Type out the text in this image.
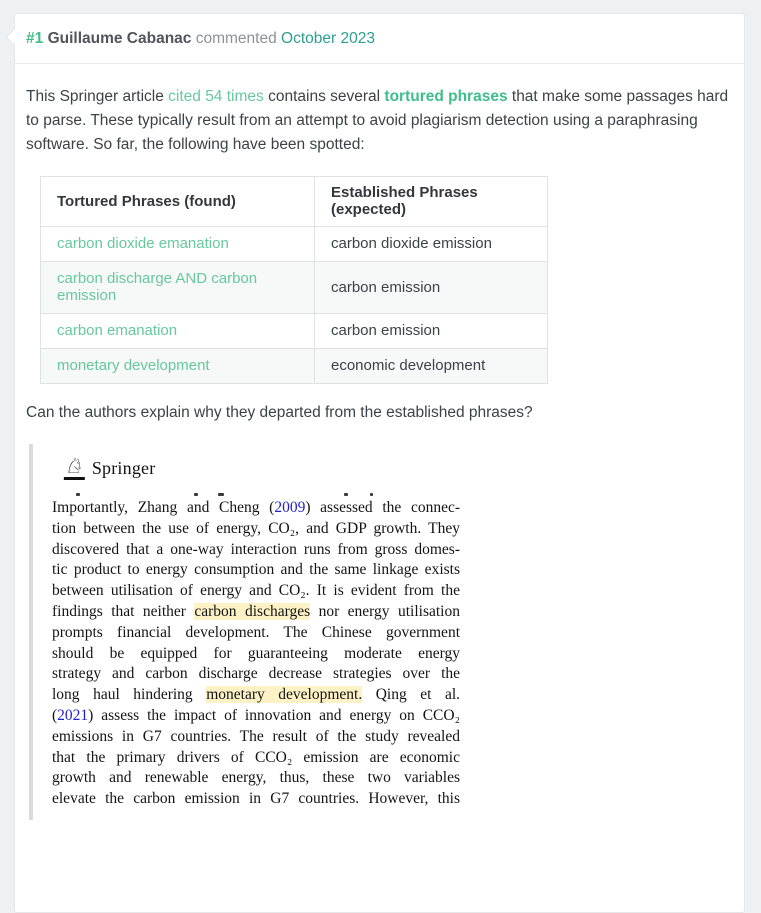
#1 Guillaume Cabanac commented October 2023

This Springer article cited 54 times contains several tortured phrases that make some passages hard to parse. These typically result from an attempt to avoid plagiarism detection using a paraphrasing software. So far, the following have been spotted:

Tortured Phrases (found)	Established Phrases (expected)
carbon dioxide emanation	carbon dioxide emission
carbon discharge AND carbon emission	carbon emission
carbon emanation	carbon emission
monetary development	economic development

Can the authors explain why they departed from the established phrases?

♘ Springer
Importantly, Zhang and Cheng (2009) assessed the connec-
tion between the use of energy, CO₂, and GDP growth. They
discovered that a one-way interaction runs from gross domes-
tic product to energy consumption and the same linkage exists
between utilisation of energy and CO₂. It is evident from the
findings that neither carbon discharges nor energy utilisation
prompts financial development. The Chinese government
should be equipped for guaranteeing moderate energy
strategy and carbon discharge decrease strategies over the
long haul hindering monetary development. Qing et al.
(2021) assess the impact of innovation and energy on CCO₂
emissions in G7 countries. The result of the study revealed
that the primary drivers of CCO₂ emission are economic
growth and renewable energy, thus, these two variables
elevate the carbon emission in G7 countries. However, this
